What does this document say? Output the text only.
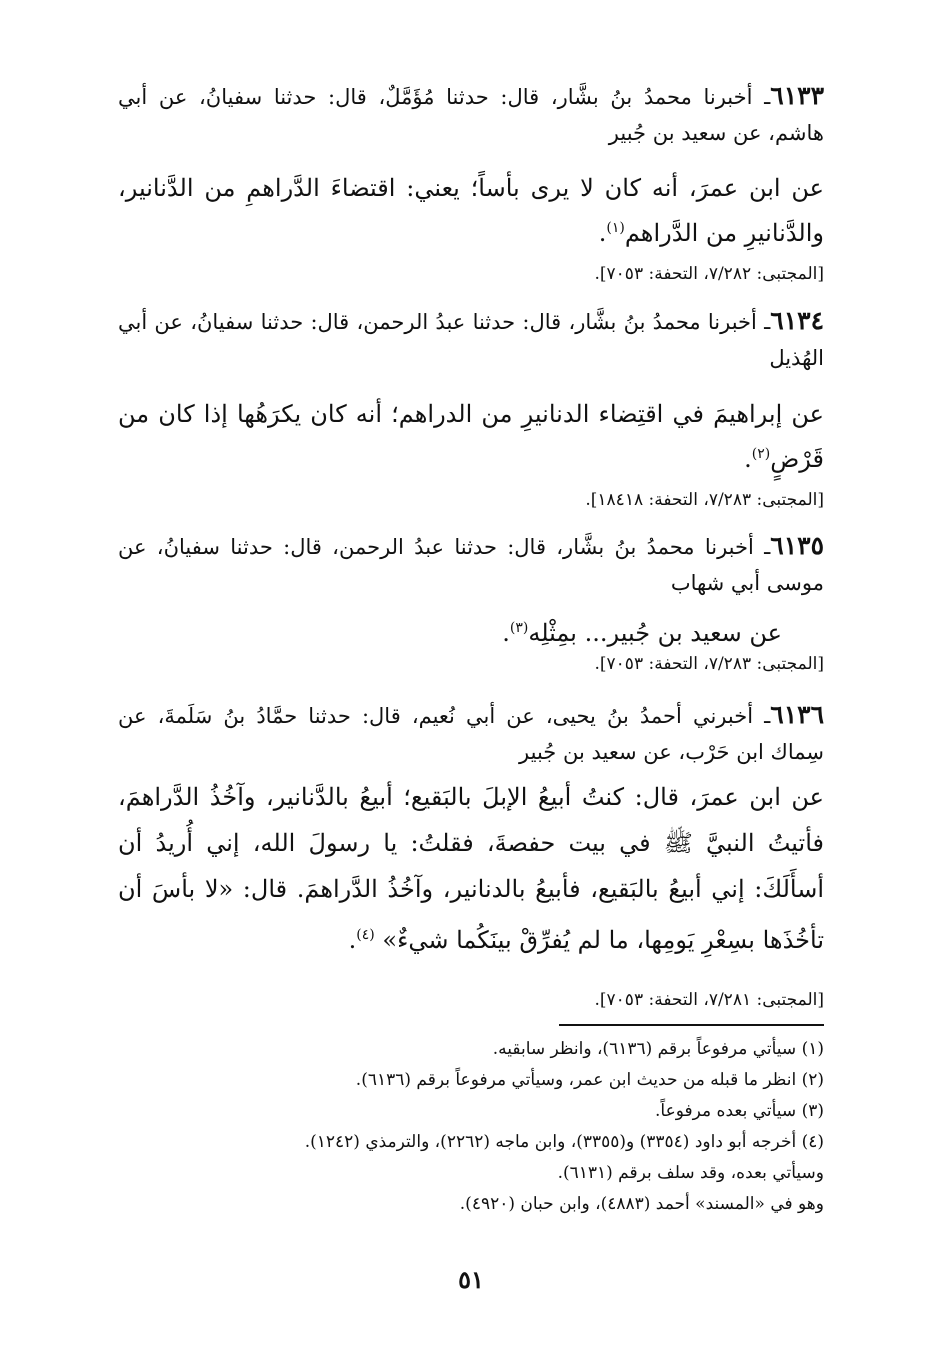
٦١٣٣ـ أخبرنا محمدُ بنُ بشَّار، قال: حدثنا مُؤَمَّلٌ، قال: حدثنا سفيانُ، عن أبي هاشم، عن سعيد بن جُبير
عن ابن عمرَ، أنه كان لا يرى بأساً؛ يعني: اقتضاءَ الدَّراهمِ من الدَّنانير، والدَّنانيرِ من الدَّراهم$^{(١)}$.
[المجتبى: ٧/٢٨٢، التحفة: ٧٠٥٣].
٦١٣٤ـ أخبرنا محمدُ بنُ بشَّار، قال: حدثنا عبدُ الرحمن، قال: حدثنا سفيانُ، عن أبي الهُذيل
عن إبراهيمَ في اقتِضاء الدنانيرِ من الدراهم؛ أنه كان يكرَهُها إذا كان من قَرْضٍ$^{(٢)}$.
[المجتبى: ٧/٢٨٣، التحفة: ١٨٤١٨].
٦١٣٥ـ أخبرنا محمدُ بنُ بشَّار، قال: حدثنا عبدُ الرحمن، قال: حدثنا سفيانُ، عن موسى أبي شهاب
عن سعيد بن جُبير... بمِثْلِه$^{(٣)}$.
[المجتبى: ٧/٢٨٣، التحفة: ٧٠٥٣].
٦١٣٦ـ أخبرني أحمدُ بنُ يحيى، عن أبي نُعيم، قال: حدثنا حمَّادُ بنُ سَلَمةَ، عن سِماك ابن حَرْب، عن سعيد بن جُبير
عن ابن عمرَ، قال: كنتُ أبيعُ الإبلَ بالبَقيع؛ أبيعُ بالدَّنانير، وآخُذُ الدَّراهمَ، فأتيتُ النبيَّ ﷺ في بيت حفصةَ، فقلتُ: يا رسولَ الله، إني أُريدُ أن أسأَلَكَ: إني أبيعُ بالبَقيع، فأبيعُ بالدنانير، وآخُذُ الدَّراهمَ. قال: «لا بأسَ أن تأخُذَها بسِعْرِ يَومِها، ما لم يُفرِّقْ بينَكُما شيءٌ» $^{(٤)}$.
[المجتبى: ٧/٢٨١، التحفة: ٧٠٥٣].
(١) سيأتي مرفوعاً برقم (٦١٣٦)، وانظر سابقيه.
(٢) انظر ما قبله من حديث ابن عمر، وسيأتي مرفوعاً برقم (٦١٣٦).
(٣) سيأتي بعده مرفوعاً.
(٤) أخرجه أبو داود (٣٣٥٤) و(٣٣٥٥)، وابن ماجه (٢٢٦٢)، والترمذي (١٢٤٢).
وسيأتي بعده، وقد سلف برقم (٦١٣١).
وهو في «المسند» أحمد (٤٨٨٣)، وابن حبان (٤٩٢٠).
٥١
